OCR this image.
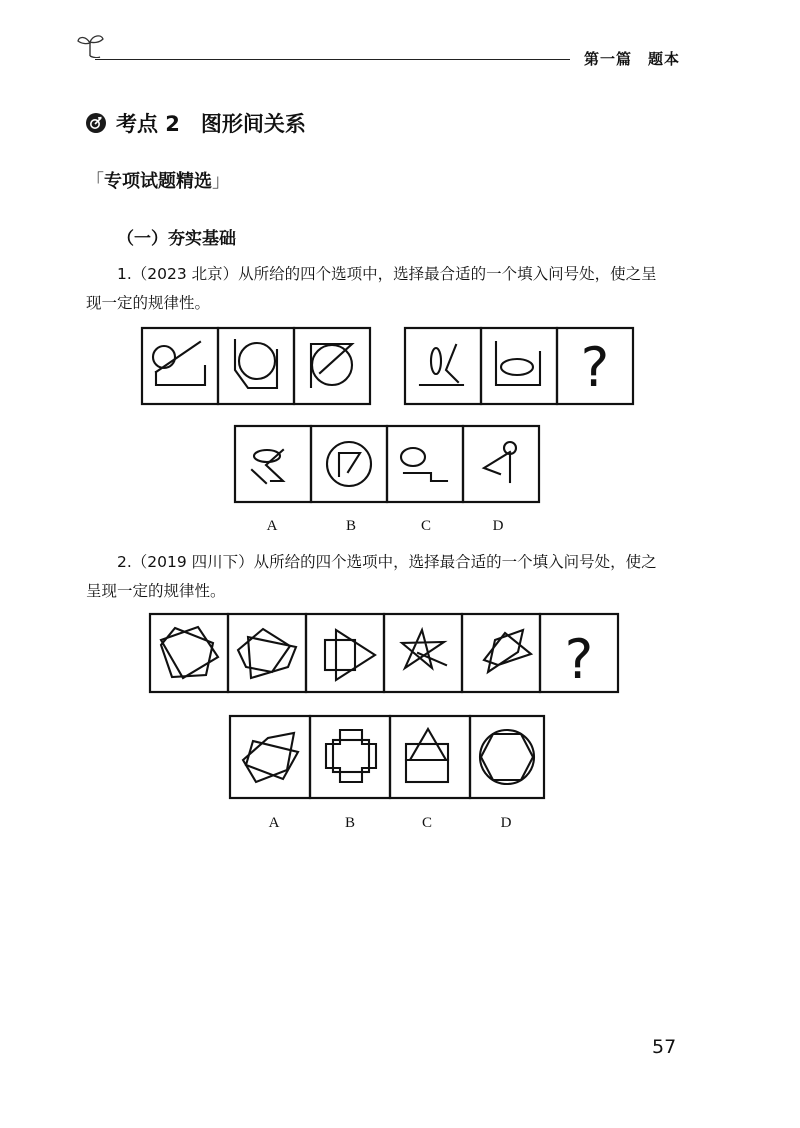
第一篇　题本
考点 2　图形间关系
「专项试题精选」
（一）夯实基础
1.（2023 北京）从所给的四个选项中，选择最合适的一个填入问号处，使之呈
现一定的规律性。
?
?
A	B	C	D
2.（2019 四川下）从所给的四个选项中，选择最合适的一个填入问号处，使之
呈现一定的规律性。
A	B	C	D
57
